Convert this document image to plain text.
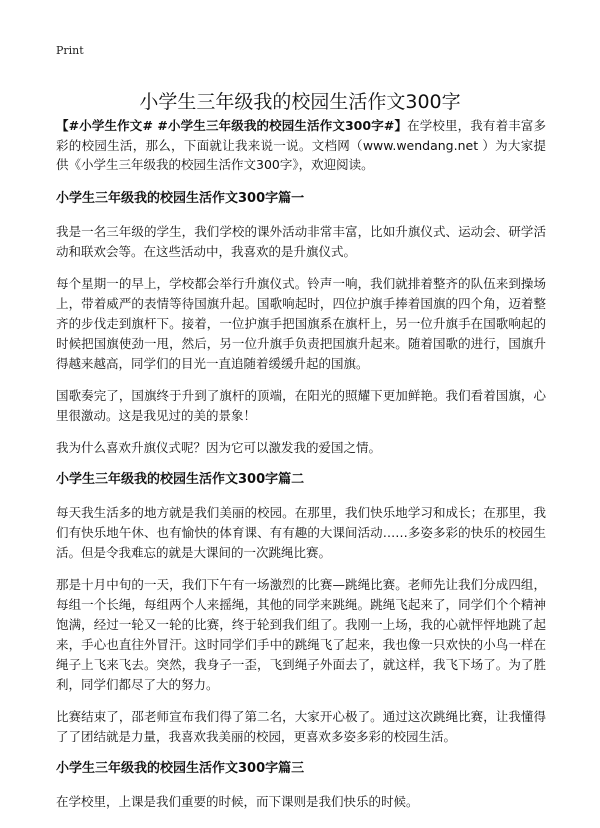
Print
小学生三年级我的校园生活作文300字

【#小学生作文# #小学生三年级我的校园生活作文300字#】在学校里，我有着丰富多彩的校园生活，那么，下面就让我来说一说。文档网（www.wendang.net ）为大家提供《小学生三年级我的校园生活作文300字》，欢迎阅读。

小学生三年级我的校园生活作文300字篇一

我是一名三年级的学生，我们学校的课外活动非常丰富，比如升旗仪式、运动会、研学活动和联欢会等。在这些活动中，我喜欢的是升旗仪式。

每个星期一的早上，学校都会举行升旗仪式。铃声一响，我们就排着整齐的队伍来到操场上，带着威严的表情等待国旗升起。国歌响起时，四位护旗手捧着国旗的四个角，迈着整齐的步伐走到旗杆下。接着，一位护旗手把国旗系在旗杆上，另一位升旗手在国歌响起的时候把国旗使劲一甩，然后，另一位升旗手负责把国旗升起来。随着国歌的进行，国旗升得越来越高，同学们的目光一直追随着缓缓升起的国旗。

国歌奏完了，国旗终于升到了旗杆的顶端，在阳光的照耀下更加鲜艳。我们看着国旗，心里很激动。这是我见过的美的景象！

我为什么喜欢升旗仪式呢？因为它可以激发我的爱国之情。

小学生三年级我的校园生活作文300字篇二

每天我生活多的地方就是我们美丽的校园。在那里，我们快乐地学习和成长；在那里，我们有快乐地午休、也有愉快的体育课、有有趣的大课间活动……多姿多彩的快乐的校园生活。但是令我难忘的就是大课间的一次跳绳比赛。

那是十月中旬的一天，我们下午有一场激烈的比赛—跳绳比赛。老师先让我们分成四组，每组一个长绳，每组两个人来摇绳，其他的同学来跳绳。跳绳飞起来了，同学们个个精神饱满，经过一轮又一轮的比赛，终于轮到我们组了。我刚一上场，我的心就怦怦地跳了起来，手心也直往外冒汗。这时同学们手中的跳绳飞了起来，我也像一只欢快的小鸟一样在绳子上飞来飞去。突然，我身子一歪，飞到绳子外面去了，就这样，我飞下场了。为了胜利，同学们都尽了大的努力。

比赛结束了，邵老师宣布我们得了第二名，大家开心极了。通过这次跳绳比赛，让我懂得了了团结就是力量，我喜欢我美丽的校园，更喜欢多姿多彩的校园生活。

小学生三年级我的校园生活作文300字篇三

在学校里，上课是我们重要的时候，而下课则是我们快乐的时候。
